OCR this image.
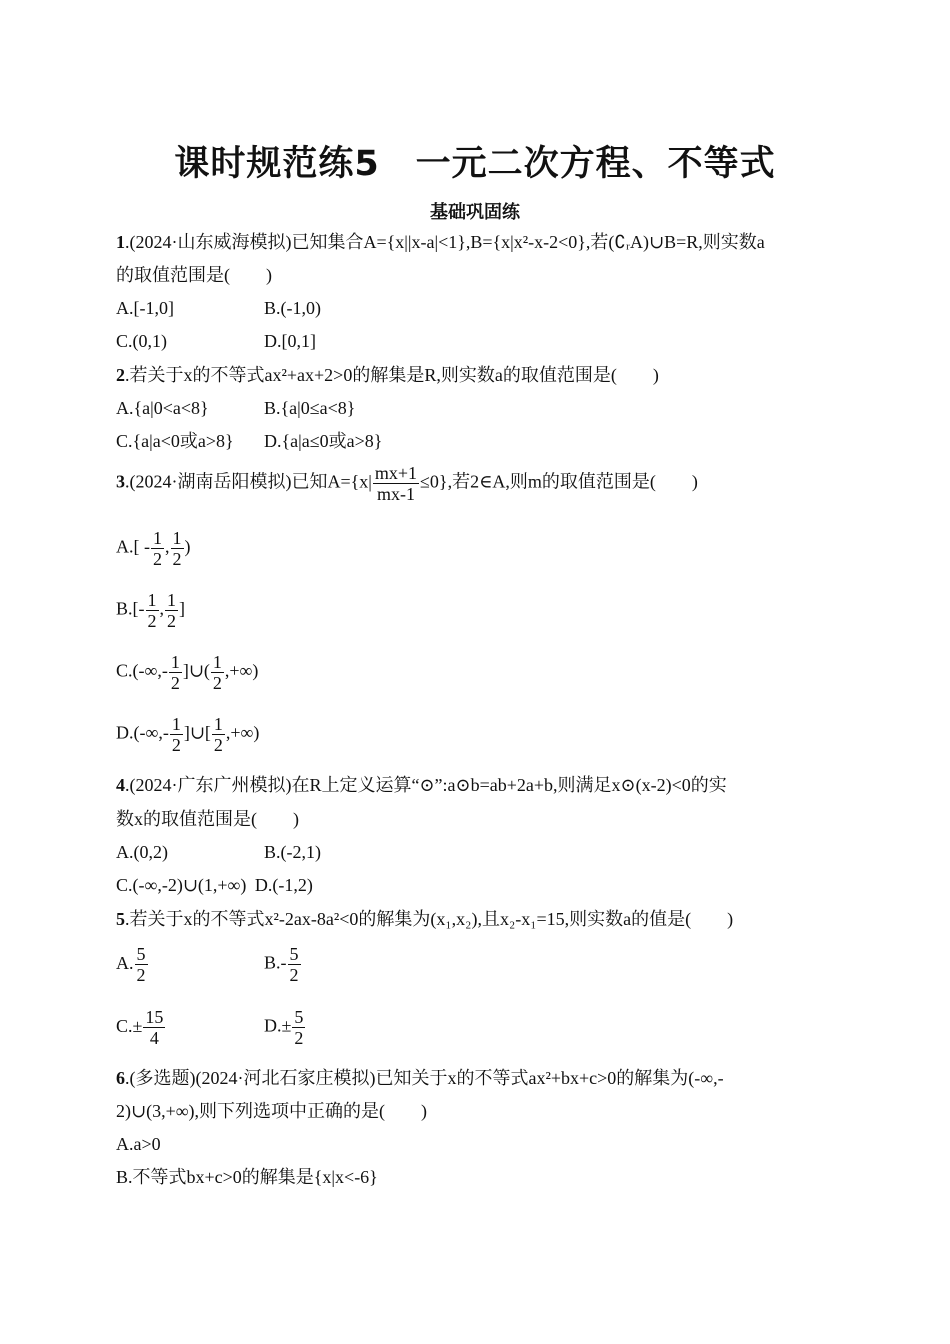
课时规范练5　一元二次方程、不等式
基础巩固练
1.(2024·山东威海模拟)已知集合A={x||x-a|<1},B={x|x²-x-2<0},若(∁ᵣA)∪B=R,则实数a
的取值范围是(　　)
A.[-1,0]	B.(-1,0)
C.(0,1)	D.[0,1]
2.若关于x的不等式ax²+ax+2>0的解集是R,则实数a的取值范围是(　　)
A.{a|0<a<8}	B.{a|0≤a<8}
C.{a|a<0或a>8} D.{a|a≤0或a>8}
3.(2024·湖南岳阳模拟)已知$A=\{x| \frac{mx+1}{mx-1} \le 0\}$,若2∈A,则m的取值范围是(　　)
$A.[ - \frac{1}{2}$ , $\frac{1}{2}$ )
$B.[- \frac{1}{2}$ , $\frac{1}{2}$ ]
$C.(-\infty,- \frac{1}{2}$ ]∪( $\frac{1}{2}$ ,+∞)
$D.(-\infty,- \frac{1}{2}$ ]∪[ $\frac{1}{2}$ ,+∞)
4.(2024·广东广州模拟)在R上定义运算“⊙”:a⊙b=ab+2a+b,则满足x⊙(x-2)<0的实
数x的取值范围是(　　)
A.(0,2)	B.(-2,1)
C.(-∞,-2)∪(1,+∞) D.(-1,2)
5.若关于x的不等式x²-2ax-8a²<0的解集为(x₁,x₂),且x₂-x₁=15,则实数a的值是(　　)
A. $\frac{5}{2}$	$B.- \frac{5}{2}$
$C.\pm \frac{15}{4}$	$D.\pm \frac{5}{2}$
6.(多选题)(2024·河北石家庄模拟)已知关于x的不等式ax²+bx+c>0的解集为(-∞,-
2)∪(3,+∞),则下列选项中正确的是(　　)
A.a>0
B.不等式bx+c>0的解集是{x|x<-6}
